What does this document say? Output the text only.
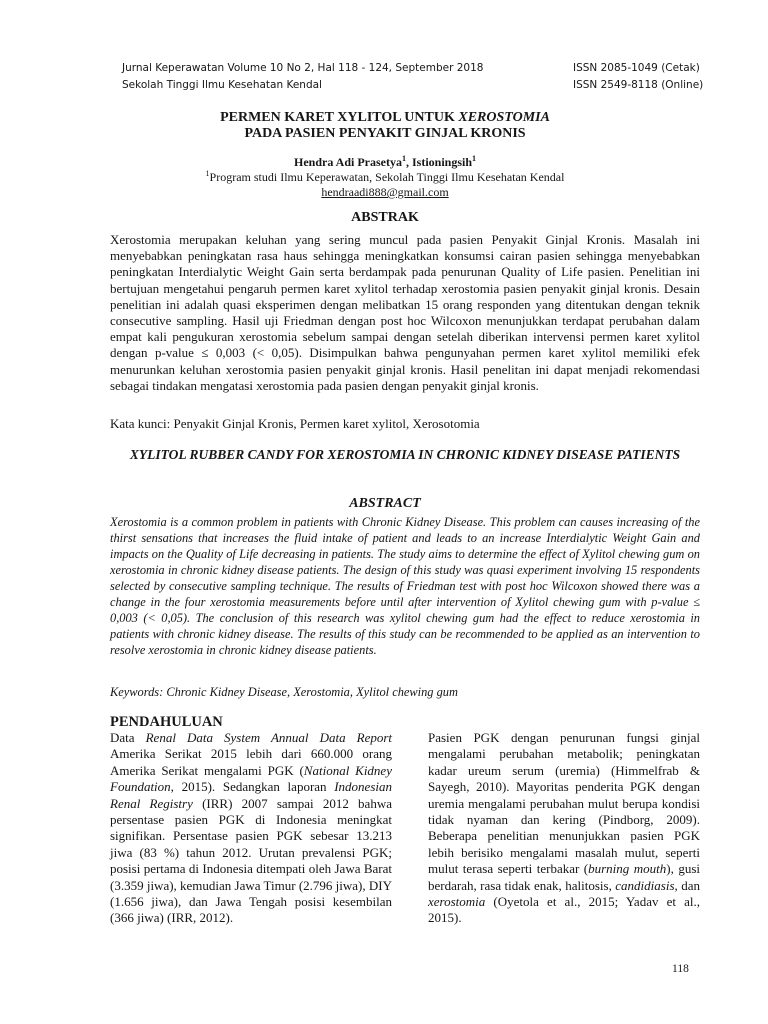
Jurnal Keperawatan Volume 10 No 2, Hal 118 - 124, September 2018
Sekolah Tinggi Ilmu Kesehatan Kendal
ISSN 2085-1049 (Cetak)
ISSN 2549-8118 (Online)
PERMEN KARET XYLITOL UNTUK XEROSTOMIA
PADA PASIEN PENYAKIT GINJAL KRONIS
Hendra Adi Prasetya$^1$, Istioningsih$^1$
$^1$Program studi Ilmu Keperawatan, Sekolah Tinggi Ilmu Kesehatan Kendal
hendraadi888@gmail.com
ABSTRAK
Xerostomia merupakan keluhan yang sering muncul pada pasien Penyakit Ginjal Kronis. Masalah ini menyebabkan peningkatan rasa haus sehingga meningkatkan konsumsi cairan pasien sehingga menyebabkan peningkatan Interdialytic Weight Gain serta berdampak pada penurunan Quality of Life pasien. Penelitian ini bertujuan mengetahui pengaruh permen karet xylitol terhadap xerostomia pasien penyakit ginjal kronis. Desain penelitian ini adalah quasi eksperimen dengan melibatkan 15 orang responden yang ditentukan dengan teknik consecutive sampling. Hasil uji Friedman dengan post hoc Wilcoxon menunjukkan terdapat perubahan dalam empat kali pengukuran xerostomia sebelum sampai dengan setelah diberikan intervensi permen karet xylitol dengan p-value ≤ 0,003 (< 0,05). Disimpulkan bahwa pengunyahan permen karet xylitol memiliki efek menurunkan keluhan xerostomia pasien penyakit ginjal kronis. Hasil penelitan ini dapat menjadi rekomendasi sebagai tindakan mengatasi xerostomia pada pasien dengan penyakit ginjal kronis.
Kata kunci: Penyakit Ginjal Kronis, Permen karet xylitol, Xerosotomia
XYLITOL RUBBER CANDY FOR XEROSTOMIA IN CHRONIC KIDNEY DISEASE PATIENTS
ABSTRACT
Xerostomia is a common problem in patients with Chronic Kidney Disease. This problem can causes increasing of the thirst sensations that increases the fluid intake of patient and leads to an increase Interdialytic Weight Gain and impacts on the Quality of Life decreasing in patients. The study aims to determine the effect of Xylitol chewing gum on xerostomia in chronic kidney disease patients. The design of this study was quasi experiment involving 15 respondents selected by consecutive sampling technique. The results of Friedman test with post hoc Wilcoxon showed there was a change in the four xerostomia measurements before until after intervention of Xylitol chewing gum with p-value ≤ 0,003 (< 0,05). The conclusion of this research was xylitol chewing gum had the effect to reduce xerostomia in patients with chronic kidney disease. The results of this study can be recommended to be applied as an intervention to resolve xerostomia in chronic kidney disease patients.
Keywords: Chronic Kidney Disease, Xerostomia, Xylitol chewing gum
PENDAHULUAN

Data Renal Data System Annual Data Report Amerika Serikat 2015 lebih dari 660.000 orang Amerika Serikat mengalami PGK (National Kidney Foundation, 2015). Sedangkan laporan Indonesian Renal Registry (IRR) 2007 sampai 2012 bahwa persentase pasien PGK di Indonesia meningkat signifikan. Persentase pasien PGK sebesar 13.213 jiwa (83 %) tahun 2012. Urutan prevalensi PGK; posisi pertama di Indonesia ditempati oleh Jawa Barat (3.359 jiwa), kemudian Jawa Timur (2.796 jiwa), DIY (1.656 jiwa), dan Jawa Tengah posisi kesembilan (366 jiwa) (IRR, 2012).

Pasien PGK dengan penurunan fungsi ginjal mengalami perubahan metabolik; peningkatan kadar ureum serum (uremia) (Himmelfrab & Sayegh, 2010). Mayoritas penderita PGK dengan uremia mengalami perubahan mulut berupa kondisi tidak nyaman dan kering (Pindborg, 2009). Beberapa penelitian menunjukkan pasien PGK lebih berisiko mengalami masalah mulut, seperti mulut terasa seperti terbakar (burning mouth), gusi berdarah, rasa tidak enak, halitosis, candidiasis, dan xerostomia (Oyetola et al., 2015; Yadav et al., 2015).

118
